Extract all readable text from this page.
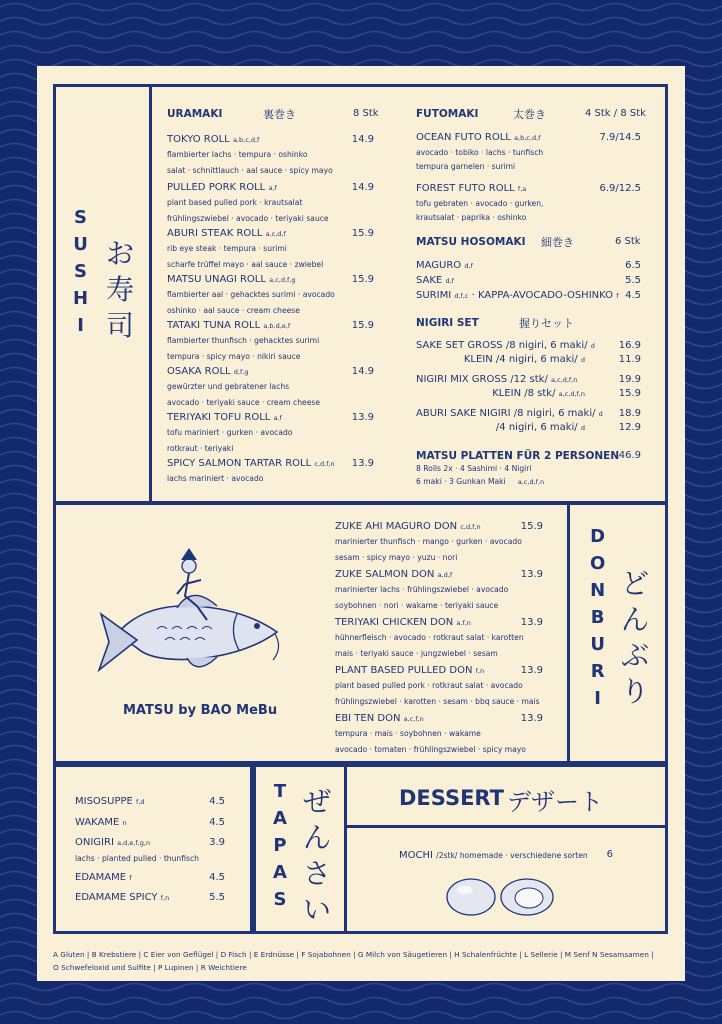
S
U
S
H
I
お
寿
司
URAMAKI	裏巻き	8 Stk
TOKYO ROLL a,b,c,d,f	14.9
flambierter lachs · tempura · oshinko
salat · schnittlauch · aal sauce · spicy mayo
PULLED PORK ROLL a,f	14.9
plant based pulled pork · krautsalat
frühlingszwiebel · avocado · teriyaki sauce
ABURI STEAK ROLL a,c,d,f	15.9
rib eye steak · tempura · surimi
scharfe trüffel mayo · aal sauce · zwiebel
MATSU UNAGI ROLL a,c,d,f,g	15.9
flambierter aal · gehacktes surimi · avocado
oshinko · aal sauce · cream cheese
TATAKI TUNA ROLL a,b,d,e,f	15.9
flambierter thunfisch · gehacktes surimi
tempura · spicy mayo · nikiri sauce
OSAKA ROLL d,f,g	14.9
gewürzter und gebratener lachs
avocado · teriyaki sauce · cream cheese
TERIYAKI TOFU ROLL a,f	13.9
tofu mariniert · gurken · avocado
rotkraut · teriyaki
SPICY SALMON TARTAR ROLL c,d,f,n	13.9
lachs mariniert · avocado
FUTOMAKI	太巻き	4 Stk / 8 Stk
OCEAN FUTO ROLL a,b,c,d,f	7.9/14.5
avocado · tobiko · lachs · tunfisch
tempura garnelen · surimi
FOREST FUTO ROLL f,a	6.9/12.5
tofu gebraten · avocado · gurken,
krautsalat · paprika · oshinko
MATSU HOSOMAKI 細巻き	6 Stk
MAGURO d,f	6.5
SAKE d,f	5.5
SURIMI d,f,c · KAPPA-AVOCADO-OSHINKO f 4.5
NIGIRI SET	握りセット
SAKE SET GROSS /8 nigiri, 6 maki/ d	16.9
KLEIN /4 nigiri, 6 maki/ d	11.9
NIGIRI MIX GROSS /12 stk/ a,c,d,f,n	19.9
KLEIN /8 stk/ a,c,d,f,n	15.9
ABURI SAKE NIGIRI /8 nigiri, 6 maki/ d	18.9
/4 nigiri, 6 maki/ d	12.9
MATSU PLATTEN FÜR 2 PERSONEN 46.9
8 Rolls 2x · 4 Sashimi · 4 Nigiri
6 maki · 3 Gunkan Maki a,c,d,f,n
MATSU by BAO MeBu
ZUKE AHI MAGURO DON c,d,f,n	15.9
marinierter thunfisch · mango · gurken · avocado
sesam · spicy mayo · yuzu · nori
ZUKE SALMON DON a,d,f	13.9
marinierter lachs · frühlingszwiebel · avocado
soybohnen · nori · wakame · teriyaki sauce
TERIYAKI CHICKEN DON a,f,n	13.9
hühnerfleisch · avocado · rotkraut salat · karotten
mais · teriyaki sauce · jungzwiebel · sesam
PLANT BASED PULLED DON f,n	13.9
plant based pulled pork · rotkraut salat · avocado
frühlingszwiebel · karotten · sesam · bbq sauce · mais
EBI TEN DON a,c,f,n	13.9
tempura · mais · soybohnen · wakame
avocado · tomaten · frühlingszwiebel · spicy mayo
D
O
N
B
U
R
I
ど
ん
ぶ
り
MISOSUPPE f,d	4.5
WAKAME n	4.5
ONIGIRI a,d,e,f,g,n	3.9
lachs · planted pulled · thunfisch
EDAMAME f	4.5
EDAMAME SPICY f,n	5.5
T
A
P
A
S
ぜ
ん
さ
い
DESSERT デザート
MOCHI /2stk/ homemade · verschiedene sorten	6
A Gluten | B Krebstiere | C Eier von Geflügel | D Fisch | E Erdnüsse | F Sojabohnen | G Milch von Säugetieren | H Schalenfrüchte | L Sellerie | M Senf N Sesamsamen |
O Schwefeloxid und Sulfite | P Lupinen | R Weichtiere
